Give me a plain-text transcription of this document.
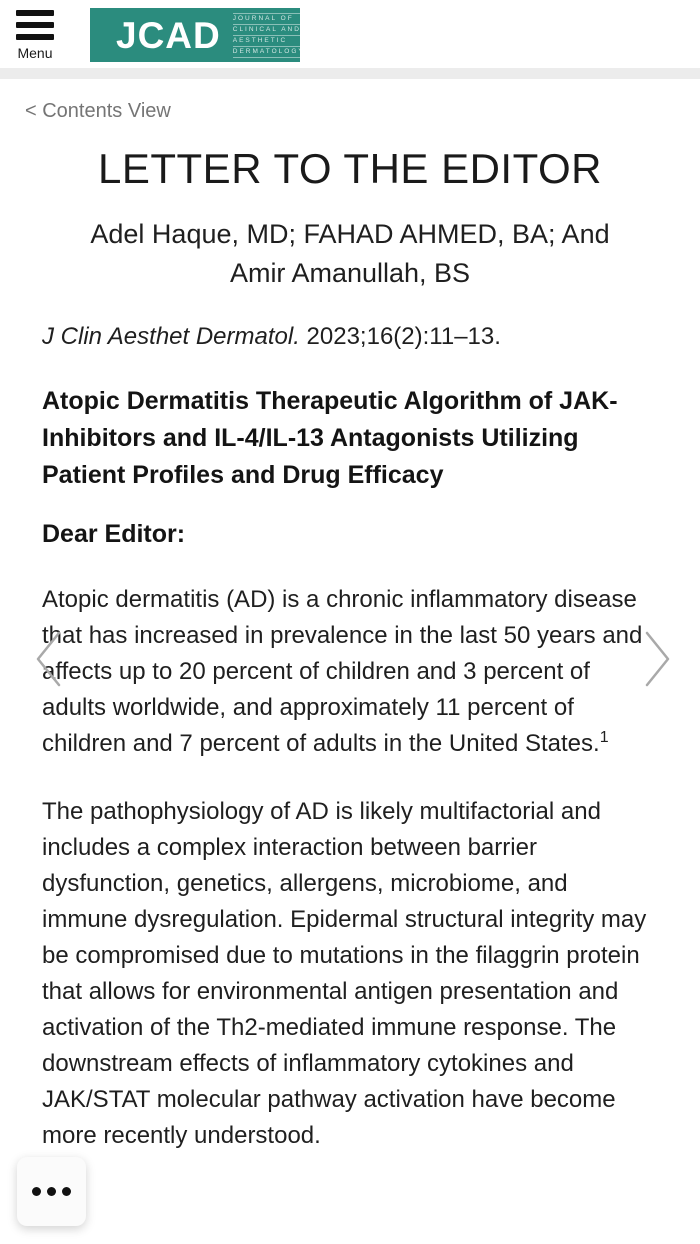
Menu JCAD JOURNAL OF
CLINICAL AND
AESTHETIC
DERMATOLOGY
< Contents View
LETTER TO THE EDITOR
Adel Haque, MD; FAHAD AHMED, BA; And Amir Amanullah, BS
J Clin Aesthet Dermatol. 2023;16(2):11–13.
Atopic Dermatitis Therapeutic Algorithm of JAK-Inhibitors and IL-4/IL-13 Antagonists Utilizing Patient Profiles and Drug Efficacy
Dear Editor:

Atopic dermatitis (AD) is a chronic inflammatory disease that has increased in prevalence in the last 50 years and affects up to 20 percent of children and 3 percent of adults worldwide, and approximately 11 percent of children and 7 percent of adults in the United States.$^1$

The pathophysiology of AD is likely multifactorial and includes a complex interaction between barrier dysfunction, genetics, allergens, microbiome, and immune dysregulation. Epidermal structural integrity may be compromised due to mutations in the filaggrin protein that allows for environmental antigen presentation and activation of the Th2-mediated immune response. The downstream effects of inflammatory cytokines and JAK/STAT molecular pathway activation have become more recently understood.
